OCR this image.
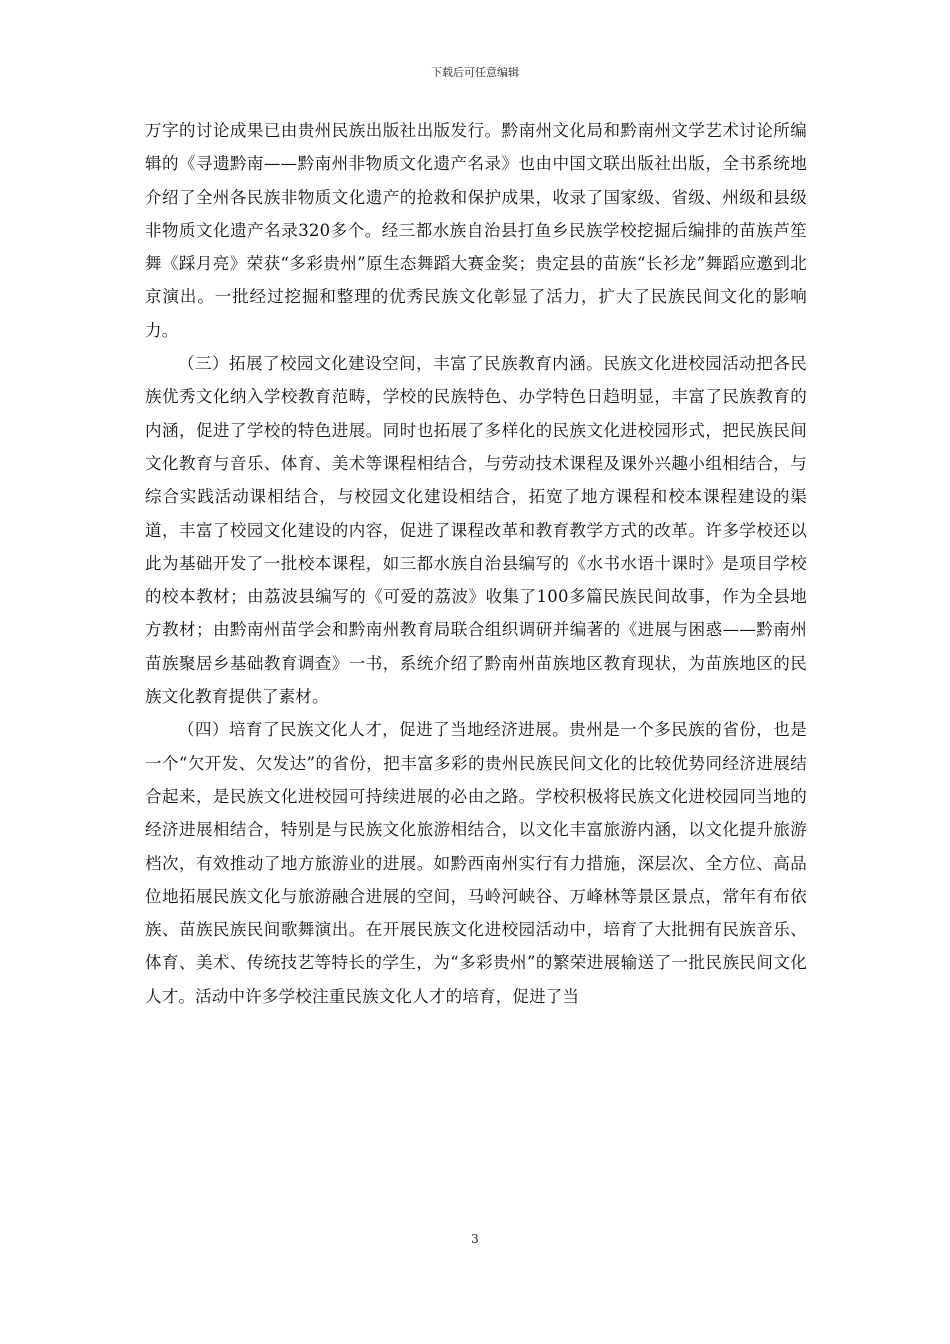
下载后可任意编辑

万字的讨论成果已由贵州民族出版社出版发行。黔南州文化局和黔南州文学艺术讨论所编辑的《寻遗黔南——黔南州非物质文化遗产名录》也由中国文联出版社出版，全书系统地介绍了全州各民族非物质文化遗产的抢救和保护成果，收录了国家级、省级、州级和县级非物质文化遗产名录320多个。经三都水族自治县打鱼乡民族学校挖掘后编排的苗族芦笙舞《踩月亮》荣获“多彩贵州”原生态舞蹈大赛金奖；贵定县的苗族“长衫龙”舞蹈应邀到北京演出。一批经过挖掘和整理的优秀民族文化彰显了活力，扩大了民族民间文化的影响力。

（三）拓展了校园文化建设空间，丰富了民族教育内涵。民族文化进校园活动把各民族优秀文化纳入学校教育范畴，学校的民族特色、办学特色日趋明显，丰富了民族教育的内涵，促进了学校的特色进展。同时也拓展了多样化的民族文化进校园形式，把民族民间文化教育与音乐、体育、美术等课程相结合，与劳动技术课程及课外兴趣小组相结合，与综合实践活动课相结合，与校园文化建设相结合，拓宽了地方课程和校本课程建设的渠道，丰富了校园文化建设的内容，促进了课程改革和教育教学方式的改革。许多学校还以此为基础开发了一批校本课程，如三都水族自治县编写的《水书水语十课时》是项目学校的校本教材；由荔波县编写的《可爱的荔波》收集了100多篇民族民间故事，作为全县地方教材；由黔南州苗学会和黔南州教育局联合组织调研并编著的《进展与困惑——黔南州苗族聚居乡基础教育调查》一书，系统介绍了黔南州苗族地区教育现状，为苗族地区的民族文化教育提供了素材。

（四）培育了民族文化人才，促进了当地经济进展。贵州是一个多民族的省份，也是一个“欠开发、欠发达”的省份，把丰富多彩的贵州民族民间文化的比较优势同经济进展结合起来，是民族文化进校园可持续进展的必由之路。学校积极将民族文化进校园同当地的经济进展相结合，特别是与民族文化旅游相结合，以文化丰富旅游内涵，以文化提升旅游档次，有效推动了地方旅游业的进展。如黔西南州实行有力措施，深层次、全方位、高品位地拓展民族文化与旅游融合进展的空间，马岭河峡谷、万峰林等景区景点，常年有布依族、苗族民族民间歌舞演出。在开展民族文化进校园活动中，培育了大批拥有民族音乐、体育、美术、传统技艺等特长的学生，为“多彩贵州”的繁荣进展输送了一批民族民间文化人才。活动中许多学校注重民族文化人才的培育，促进了当

3
